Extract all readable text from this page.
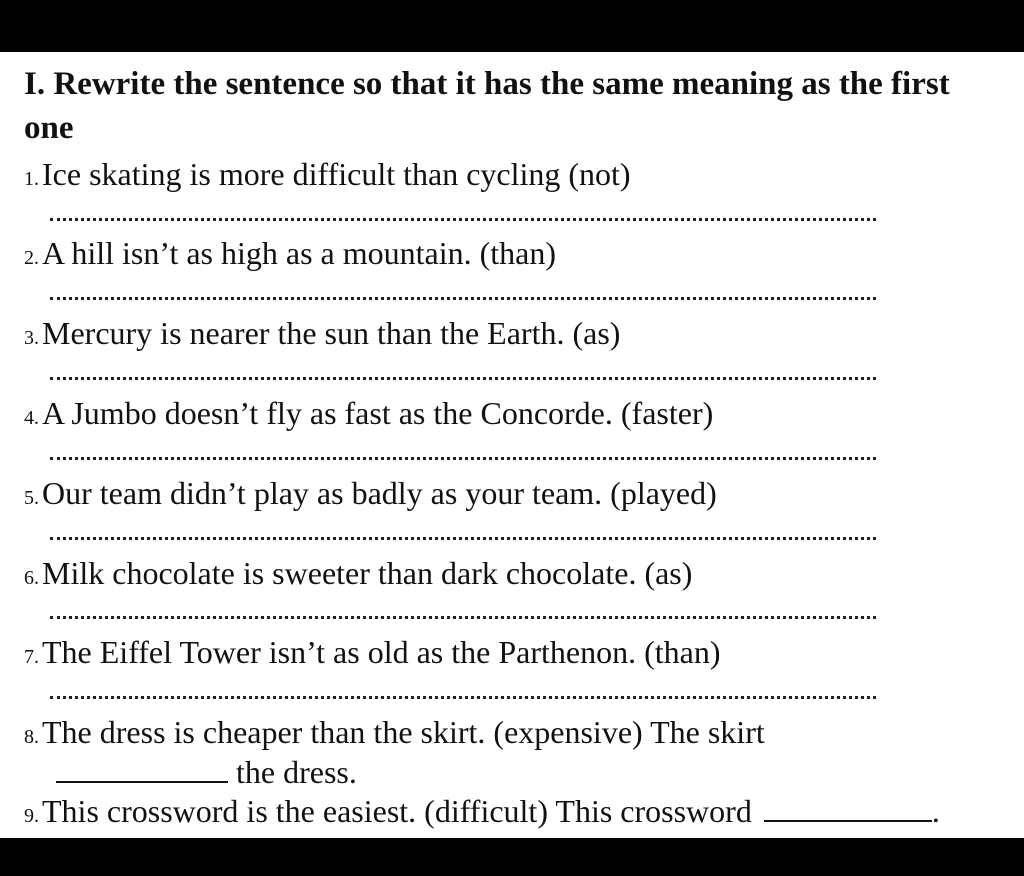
I. Rewrite the sentence so that it has the same meaning as the first one
1.Ice skating is more difficult than cycling (not)
2.A hill isn’t as high as a mountain. (than)
3.Mercury is nearer the sun than the Earth. (as)
4.A Jumbo doesn’t fly as fast as the Concorde. (faster)
5.Our team didn’t play as badly as your team. (played)
6.Milk chocolate is sweeter than dark chocolate. (as)
7.The Eiffel Tower isn’t as old as the Parthenon. (than)
8.The dress is cheaper than the skirt. (expensive) The skirt
the dress.
9.This crossword is the easiest. (difficult) This crossword	.
